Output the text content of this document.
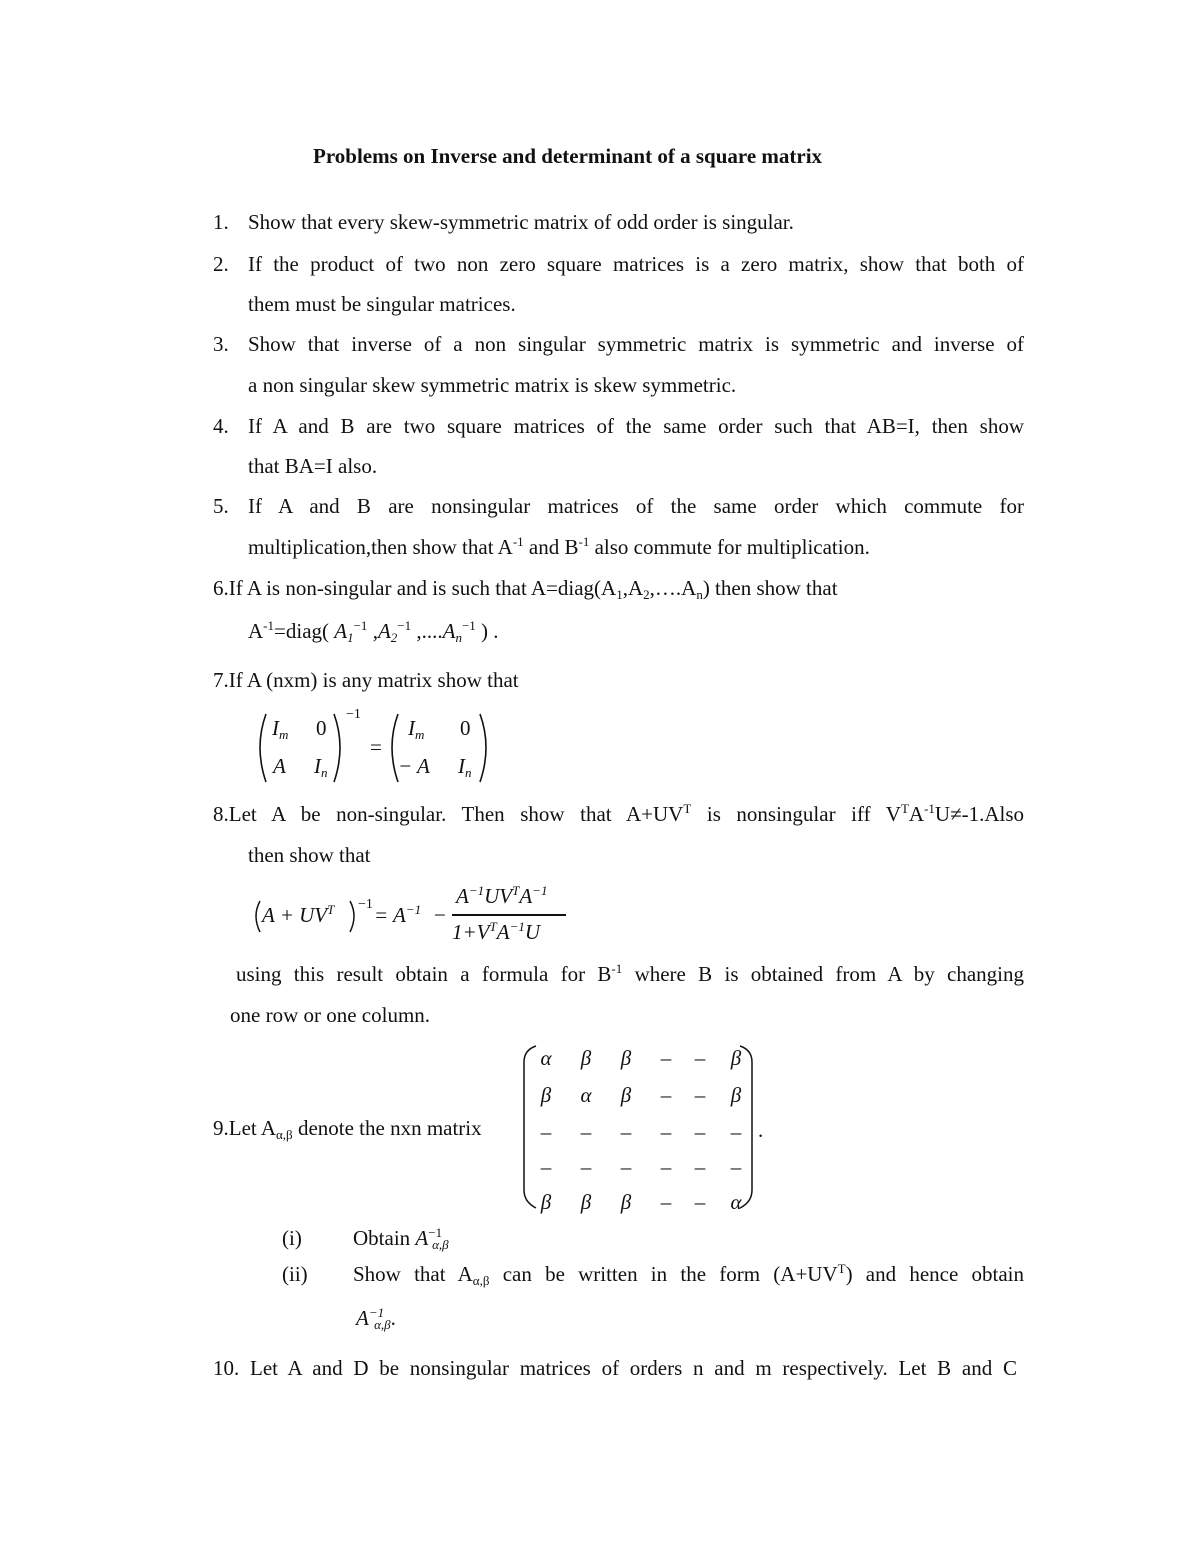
Problems on Inverse and determinant of a square matrix
1. Show that every skew-symmetric matrix of odd order is singular.
2. If the product of two non zero square matrices is a zero matrix, show that both of
them must be singular matrices.
3. Show that inverse of a non singular symmetric matrix is symmetric and inverse of
a non singular skew symmetric matrix is skew symmetric.
4. If A and B are two square matrices of the same order such that AB=I, then show
that BA=I also.
5. If A and B are nonsingular matrices of the same order which commute for
multiplication,then show that $A^{-1}$ and $B^{-1}$ also commute for multiplication.
6.If A is non-singular and is such that $A=diag(A_1,A_2,\dots.A_n)$ then show that
$A^{-1}=diag$( $A_1^{-1}$ $,A_2^{-1}$ $,....A_n^{-1}$ ) .
7.If A (nxm) is any matrix show that
$I_m$ 0
A $I_n$
−1
=
$I_m$ 0
− A $I_n$
8.Let A be non-singular. Then show that $A+UV^T$ is nonsingular iff $V^TA^{-1}U\ne-1.Also$
then show that
$A + UV^T -1 = A^{-1}$ −
$A^{-1}UV^TA^{-1}$
$1+V^TA^{-1}U$
using this result obtain a formula for $B^{-1}$ where B is obtained from A by changing
one row or one column.
9.Let $A_{\alpha,\beta}$ denote the nxn matrix
α	β	β	–	–	β
β	α	β	–	–	β
–	–	–	–	–	–
–	–	–	–	–	–
β	β	β	–	–	α
.
(i) Obtain $A^{-1}_{\alpha,\beta}$
(ii) Show that $A_{\alpha,\beta}$ can be written in the form $(A+UV^T)$ and hence obtain
$A^{-1}_{\alpha,\beta}$.
10. Let A and D be nonsingular matrices of orders n and m respectively. Let B and C
